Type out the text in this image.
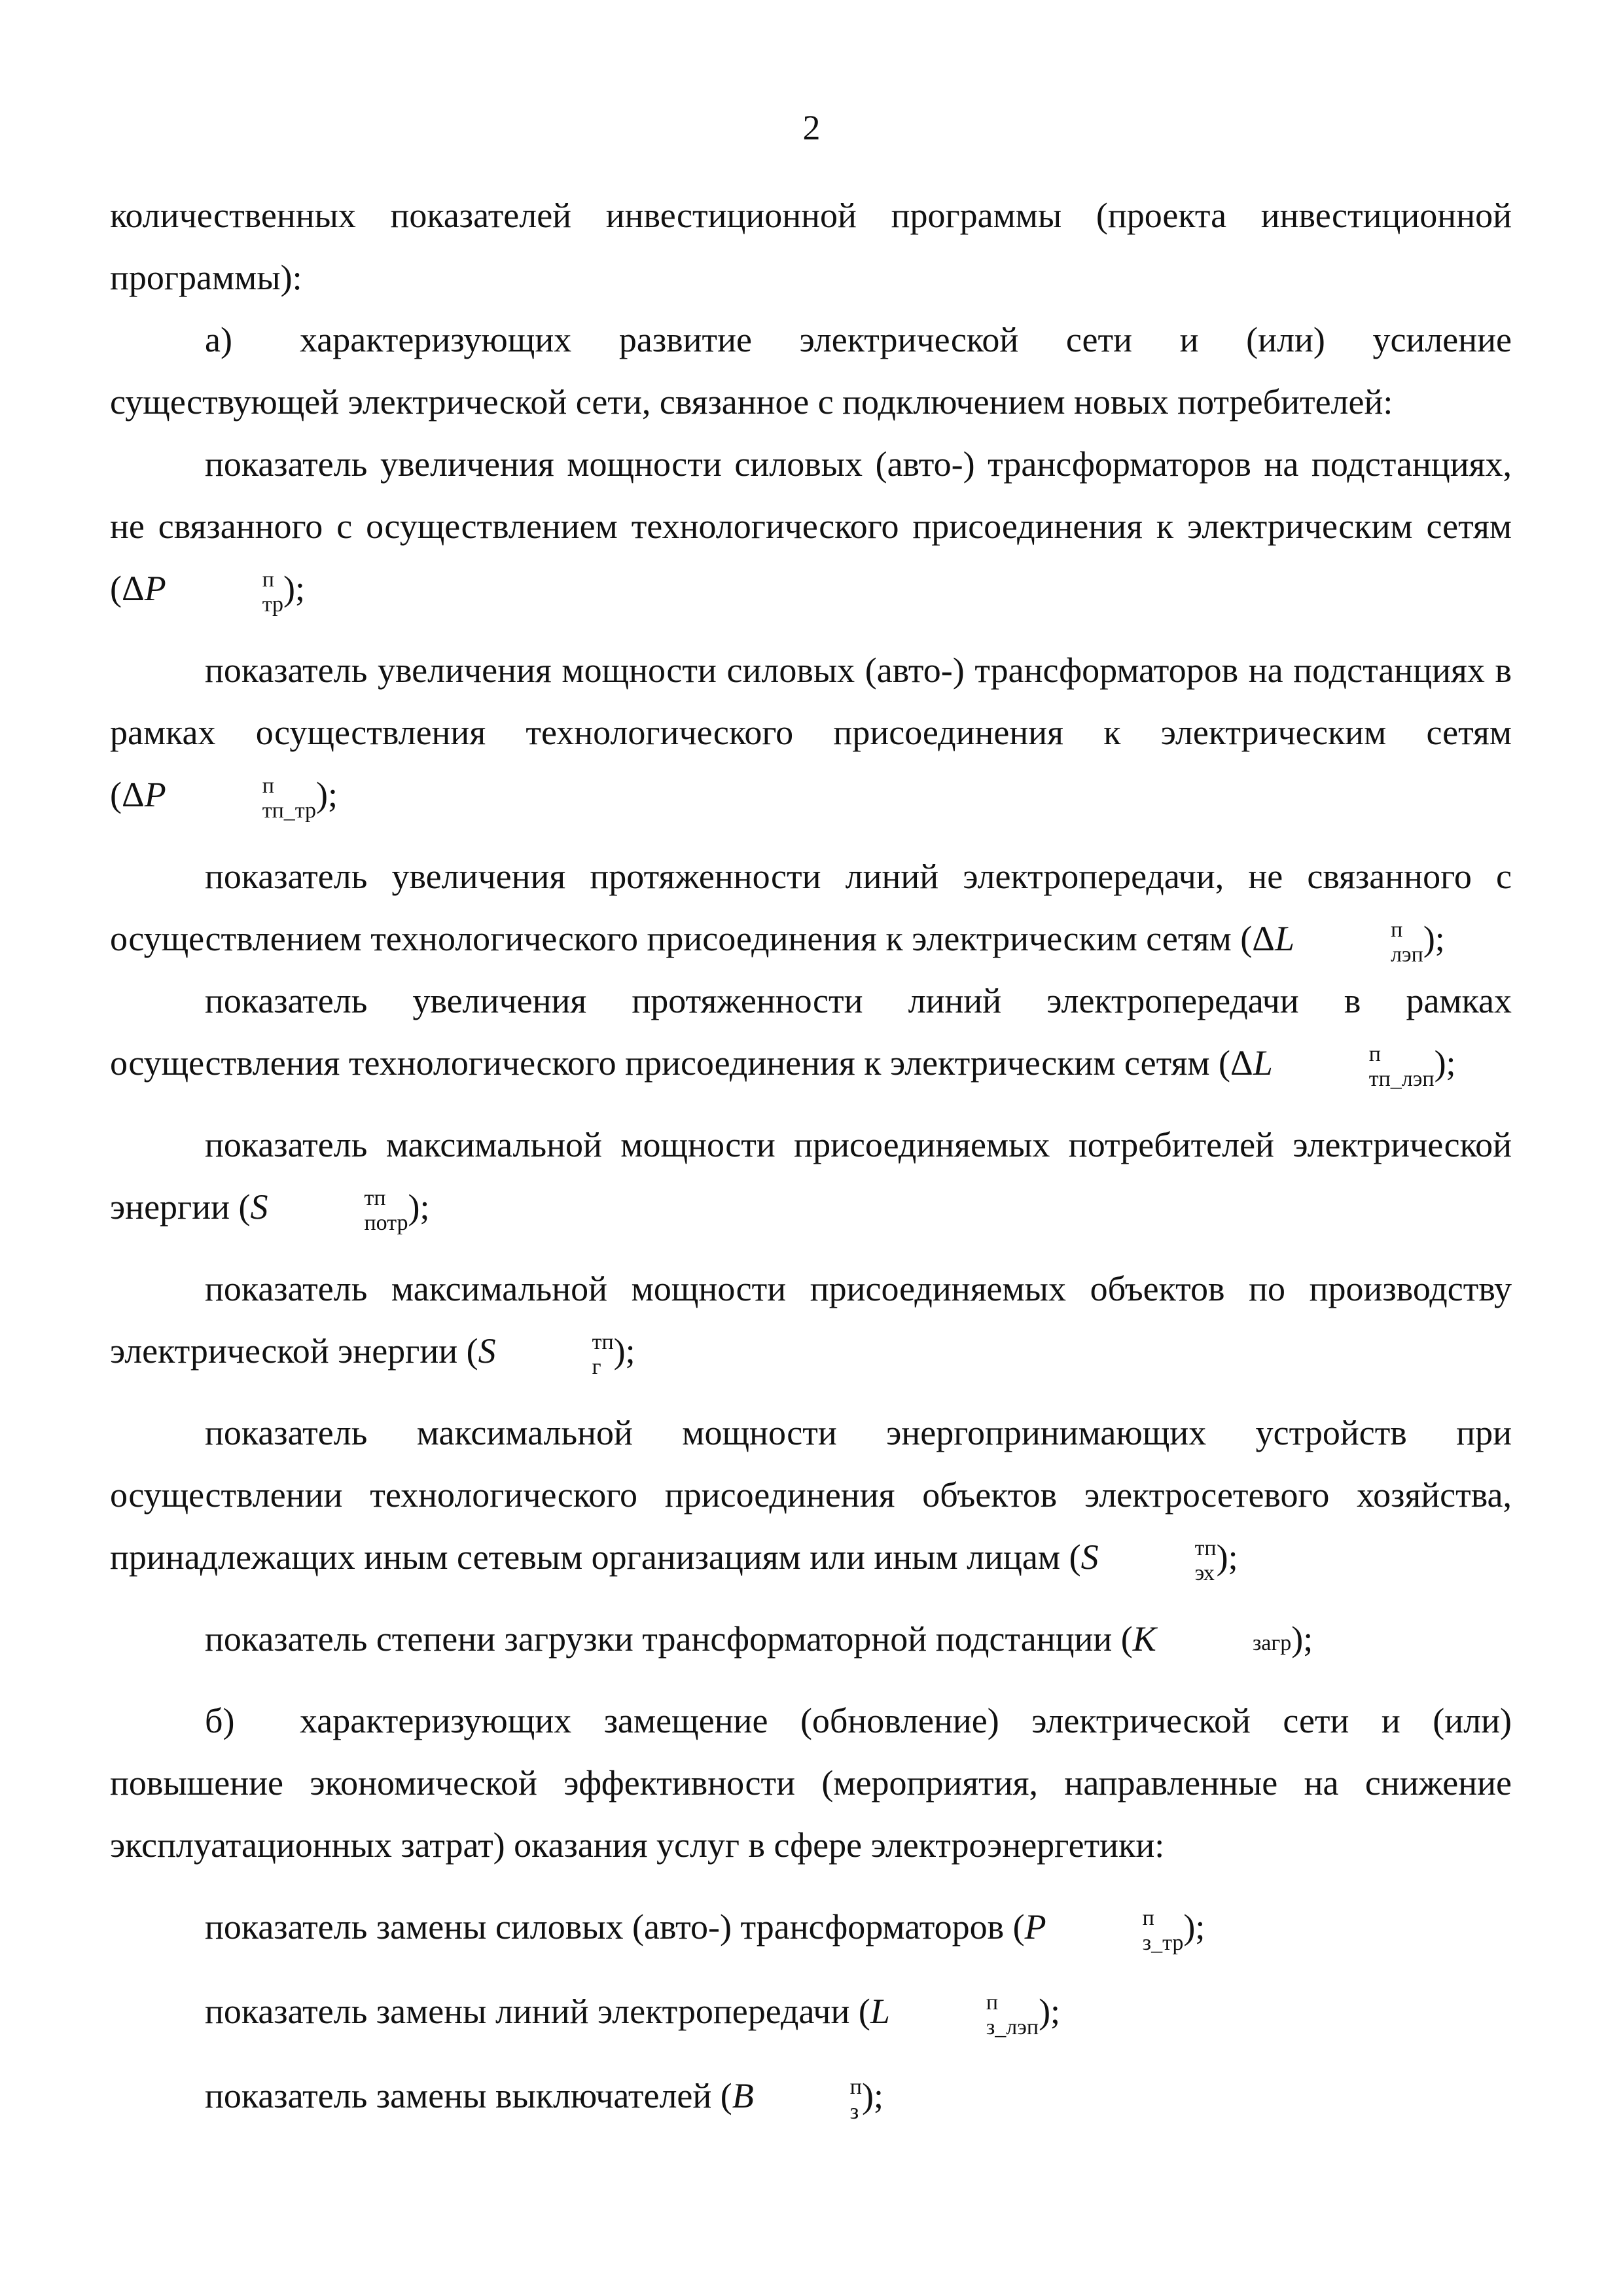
2

количественных показателей инвестиционной программы (проекта инвестиционной программы):

а) характеризующих развитие электрической сети и (или) усиление существующей электрической сети, связанное с подключением новых потребителей:

показатель увеличения мощности силовых (авто-) трансформаторов на подстанциях, не связанного с осуществлением технологического присоединения к электрическим сетям (ΔP	п
тр );

показатель увеличения мощности силовых (авто-) трансформаторов на подстанциях в рамках осуществления технологического присоединения к электрическим сетям (ΔP	п
тп_тр );

показатель увеличения протяженности линий электропередачи, не связанного с осуществлением технологического присоединения к электрическим сетям (ΔL	п
лэп );

показатель увеличения протяженности линий электропередачи в рамках осуществления технологического присоединения к электрическим сетям (ΔL	п
тп_лэп );

показатель максимальной мощности присоединяемых потребителей электрической энергии (S	тп
потр );

показатель максимальной мощности присоединяемых объектов по производству электрической энергии (S	тп
г );

показатель максимальной мощности энергопринимающих устройств при осуществлении технологического присоединения объектов электросетевого хозяйства, принадлежащих иным сетевым организациям или иным лицам (S	тп
эх );

показатель степени загрузки трансформаторной подстанции (K	загр );

б) характеризующих замещение (обновление) электрической сети и (или) повышение экономической эффективности (мероприятия, направленные на снижение эксплуатационных затрат) оказания услуг в сфере электроэнергетики:

показатель замены силовых (авто-) трансформаторов (P	п
з_тр );

показатель замены линий электропередачи (L	п
з_лэп );

показатель замены выключателей (B	п
з );
